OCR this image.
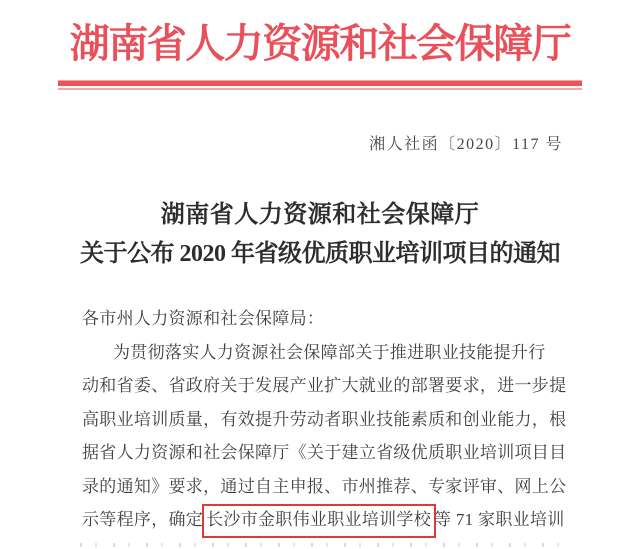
湖南省人力资源和社会保障厅
湘人社函〔2020〕117 号
湖南省人力资源和社会保障厅
关于公布 2020 年省级优质职业培训项目的通知
各市州人力资源和社会保障局：
为贯彻落实人力资源社会保障部关于推进职业技能提升行
动和省委、省政府关于发展产业扩大就业的部署要求，进一步提
高职业培训质量，有效提升劳动者职业技能素质和创业能力，根
据省人力资源和社会保障厅《关于建立省级优质职业培训项目目
录的通知》要求，通过自主申报、市州推荐、专家评审、网上公
示等程序，确定 长沙市金职伟业职业培训学校 等 71 家职业培训
